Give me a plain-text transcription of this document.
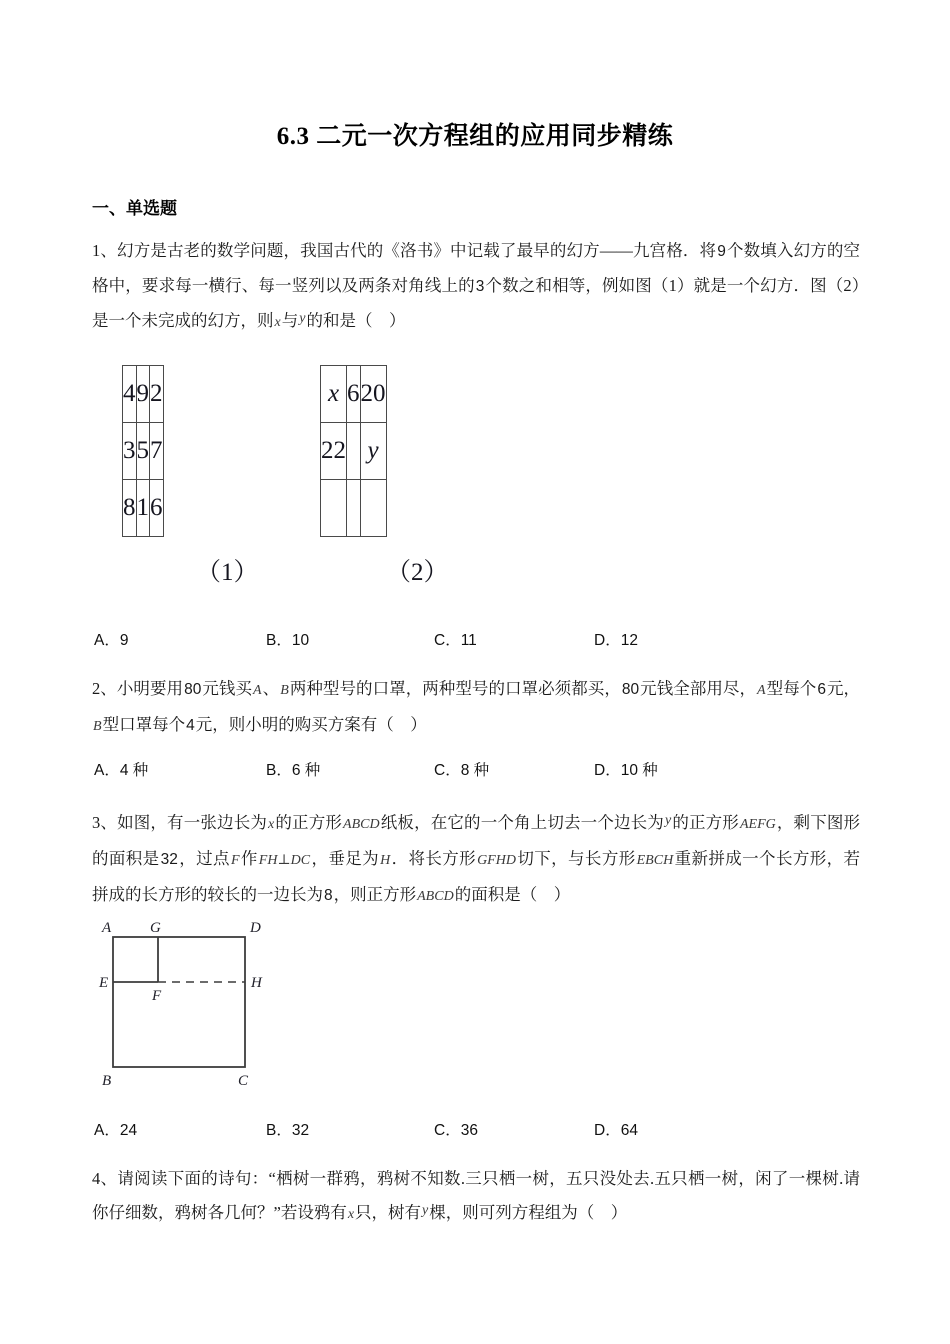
6.3 二元一次方程组的应用同步精练
一、单选题
1、幻方是古老的数学问题，我国古代的《洛书》中记载了最早的幻方——九宫格．将9个数填入幻方的空格中，要求每一横行、每一竖列以及两条对角线上的3个数之和相等，例如图（1）就是一个幻方．图（2）是一个未完成的幻方，则x与$^y$的和是（　）
4	9	2
3	5	7
8	1	6
x	6	20
22		y

（1）	（2）
A．9	B．10	C．11	D．12
2、小明要用80元钱买A、B两种型号的口罩，两种型号的口罩必须都买，80元钱全部用尽，A型每个6元，B型口罩每个4元，则小明的购买方案有（　）
A．4 种	B．6 种	C．8 种	D．10 种
3、如图，有一张边长为x的正方形ABCD纸板，在它的一个角上切去一个边长为$^y$的正方形AEFG，剩下图形的面积是32，过点F作FH⊥DC，垂足为H．将长方形GFHD切下，与长方形EBCH重新拼成一个长方形，若拼成的长方形的较长的一边长为8，则正方形ABCD的面积是（　）
A	G	D
E
F
H
B	C
A．24	B．32	C．36	D．64
4、请阅读下面的诗句：“栖树一群鸦，鸦树不知数.三只栖一树，五只没处去.五只栖一树，闲了一棵树.请你仔细数，鸦树各几何？”若设鸦有x只，树有$^y$棵，则可列方程组为（　）
